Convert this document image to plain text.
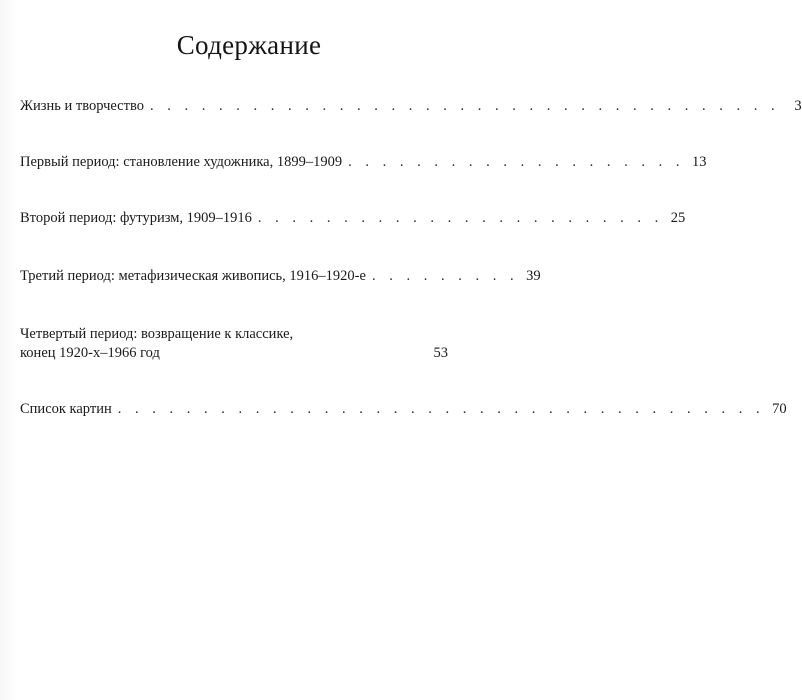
Содержание
Жизнь и творчество . . . . . . . . . . . . . . . . . . . . . . . . . . . . . . . . . . . . .	3
Первый период: становление художника, 1899–1909 . . . . . . . . . . . . . . . . . . . . 13
Второй период: футуризм, 1909–1916 . . . . . . . . . . . . . . . . . . . . . . . . 25
Третий период: метафизическая живопись, 1916–1920-е . . . . . . . . . 39
Четвертый период: возвращение к классике,
конец 1920-х–1966 год	53
Список картин . . . . . . . . . . . . . . . . . . . . . . . . . . . . . . . . . . . . . . 70
